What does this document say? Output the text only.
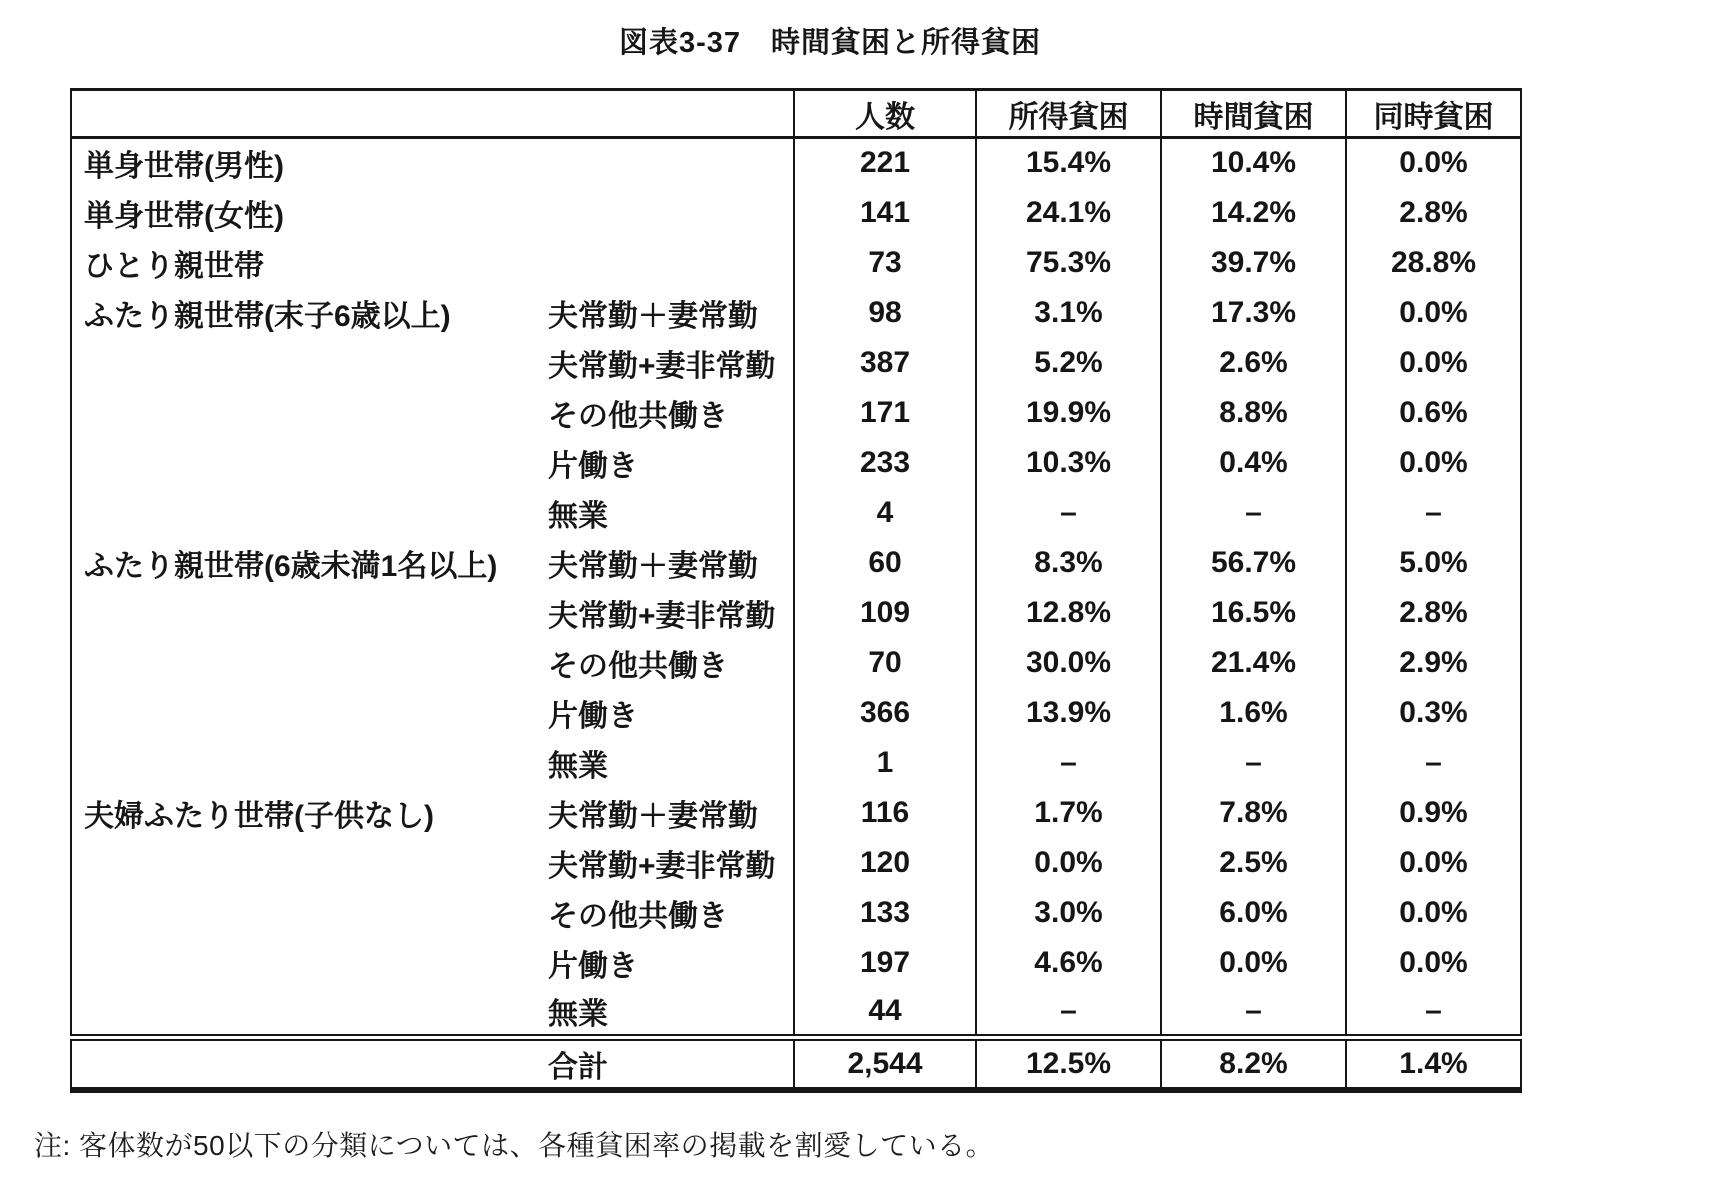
図表3-37　時間貧困と所得貧困
		人数	所得貧困	時間貧困	同時貧困
単身世帯(男性)		221	15.4%	10.4%	0.0%
単身世帯(女性)		141	24.1%	14.2%	2.8%
ひとり親世帯		73	75.3%	39.7%	28.8%
ふたり親世帯(末子6歳以上)	夫常勤＋妻常勤	98	3.1%	17.3%	0.0%
	夫常勤+妻非常勤	387	5.2%	2.6%	0.0%
	その他共働き	171	19.9%	8.8%	0.6%
	片働き	233	10.3%	0.4%	0.0%
	無業	4	–	–	–
ふたり親世帯(6歳未満1名以上)	夫常勤＋妻常勤	60	8.3%	56.7%	5.0%
	夫常勤+妻非常勤	109	12.8%	16.5%	2.8%
	その他共働き	70	30.0%	21.4%	2.9%
	片働き	366	13.9%	1.6%	0.3%
	無業	1	–	–	–
夫婦ふたり世帯(子供なし)	夫常勤＋妻常勤	116	1.7%	7.8%	0.9%
	夫常勤+妻非常勤	120	0.0%	2.5%	0.0%
	その他共働き	133	3.0%	6.0%	0.0%
	片働き	197	4.6%	0.0%	0.0%
	無業	44	–	–	–
	合計	2,544	12.5%	8.2%	1.4%
注: 客体数が50以下の分類については、各種貧困率の掲載を割愛している。
